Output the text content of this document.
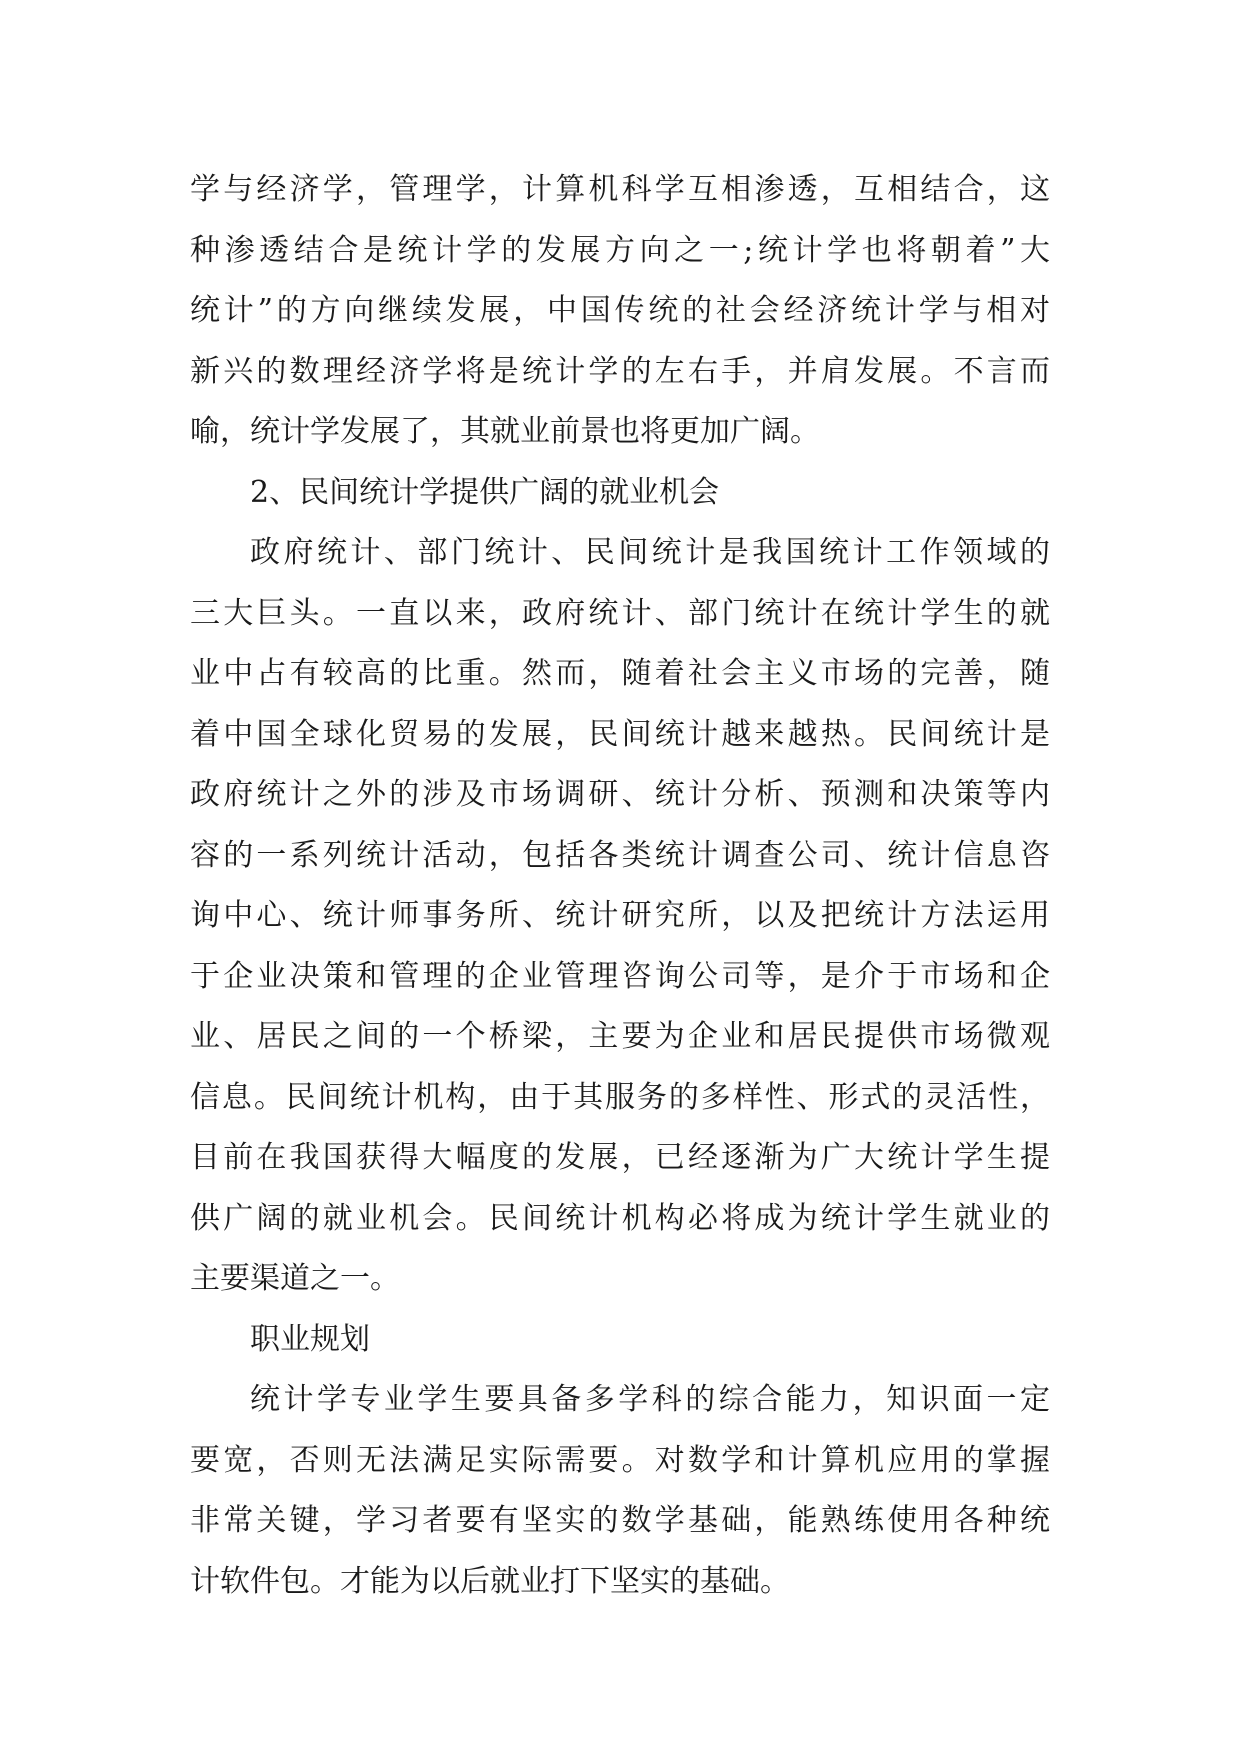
学与经济学，管理学，计算机科学互相渗透，互相结合，这
种渗透结合是统计学的发展方向之一;统计学也将朝着”大
统计”的方向继续发展，中国传统的社会经济统计学与相对
新兴的数理经济学将是统计学的左右手，并肩发展。不言而
喻，统计学发展了，其就业前景也将更加广阔。
2、民间统计学提供广阔的就业机会
政府统计、部门统计、民间统计是我国统计工作领域的
三大巨头。一直以来，政府统计、部门统计在统计学生的就
业中占有较高的比重。然而，随着社会主义市场的完善，随
着中国全球化贸易的发展，民间统计越来越热。民间统计是
政府统计之外的涉及市场调研、统计分析、预测和决策等内
容的一系列统计活动，包括各类统计调查公司、统计信息咨
询中心、统计师事务所、统计研究所，以及把统计方法运用
于企业决策和管理的企业管理咨询公司等，是介于市场和企
业、居民之间的一个桥梁，主要为企业和居民提供市场微观
信息。民间统计机构，由于其服务的多样性、形式的灵活性，
目前在我国获得大幅度的发展，已经逐渐为广大统计学生提
供广阔的就业机会。民间统计机构必将成为统计学生就业的
主要渠道之一。
职业规划
统计学专业学生要具备多学科的综合能力，知识面一定
要宽，否则无法满足实际需要。对数学和计算机应用的掌握
非常关键，学习者要有坚实的数学基础，能熟练使用各种统
计软件包。才能为以后就业打下坚实的基础。
